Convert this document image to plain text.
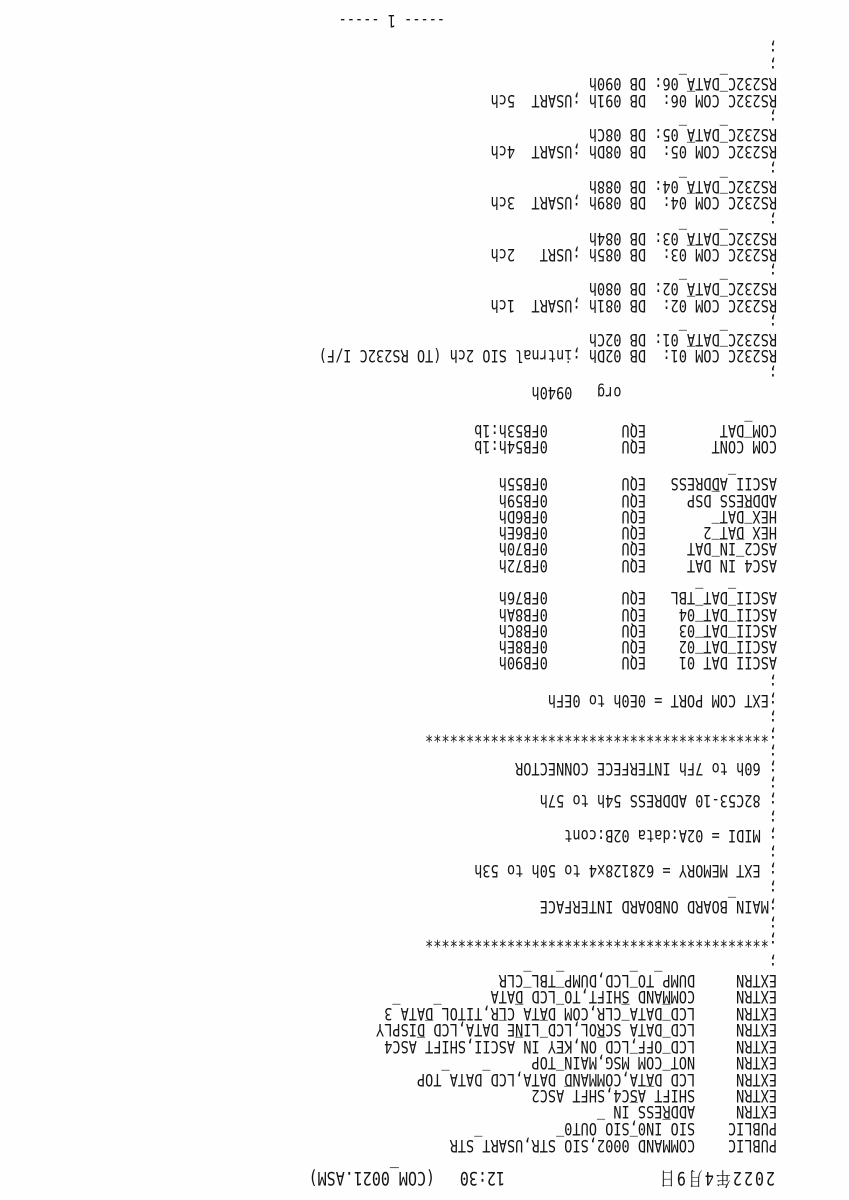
2022年4月9日
12:30
(COM_0021.ASM)
PUBLIC    COMMAND_0002,SIO_STR,USART_STR
PUBLIC    SIO_IN0,SIO_OUT0
EXTRN     ADDRESS_IN
EXTRN     SHIFT_ASC4,SHFT_ASC2
EXTRN     LCD_DATA,COMMAND_DATA,LCD_DATA_TOP
EXTRN     NOT_COM_MSG,MAIN_TOP
EXTRN     LCD_OFF,LCD_ON,KEY_IN_ASCII,SHIFT_ASC4
EXTRN     LCD_DATA_SCROL,LCD_LINE_DATA,LCD_DISPLY
EXTRN     LCD_DATA_CLR,COM_DATA_CLR,TITOL_DATA_3
EXTRN     COMMAND_SHIFT,TO_LCD_DATA
EXTRN     DUMP_TO_LCD,DUMP_TBL_CLR
;
;******************************************
;
;MAIN_BOARD ONBOARD INTERFACE
;
; EXT MEMORY = 628128x4 to 50h to 53h
;
; MIDI = 02A:data 02B:cont
;
; 82C53-10 ADDRESS 54h to 57h
;
; 60h to 7Fh INTERFECE CONNECTOR
;
;******************************************
;
;EXT COM PORT = 0E0h to 0EFh
;
ASCII_DAT_01    EQU         0FB90h
ASCII_DAT_02    EQU         0FB8Eh
ASCII_DAT_03    EQU         0FB8Ch
ASCII_DAT_04    EQU         0FB8Ah
ASCII_DAT_TBL   EQU         0FB76h
ASC4_IN_DAT     EQU         0FB72h
ASC2_IN_DAT     EQU         0FB70h
HEX_DAT_2       EQU         0FB6Eh
HEX_DAT         EQU         0FB6Dh
ADDRESS_DSP     EQU         0FB59h
ASCII_ADDRESS   EQU         0FB55h
COM_CONT        EQU         0FB54h:1b
COM_DAT         EQU         0FB53h:1b
org   0940h
;
RS232C_COM_01:  DB 02Dh ;intrnal SIO 2ch (TO RS232C I/F)
RS232C_DATA_01: DB 02Ch
;
RS232C_COM_02:  DB 081h ;USART  1ch
RS232C_DATA_02: DB 080h
;
RS232C_COM_03:  DB 085h ;USRT   2ch
RS232C_DATA_03: DB 084h
;
RS232C_COM_04:  DB 089h ;USART  3ch
RS232C_DATA_04: DB 088h
;
RS232C_COM_05:  DB 08Dh ;USART  4ch
RS232C_DATA_05: DB 08Ch
;
RS232C_COM_06:  DB 091h ;USART  5ch
RS232C_DATA_06: DB 090h
;
;
----- 1 -----
